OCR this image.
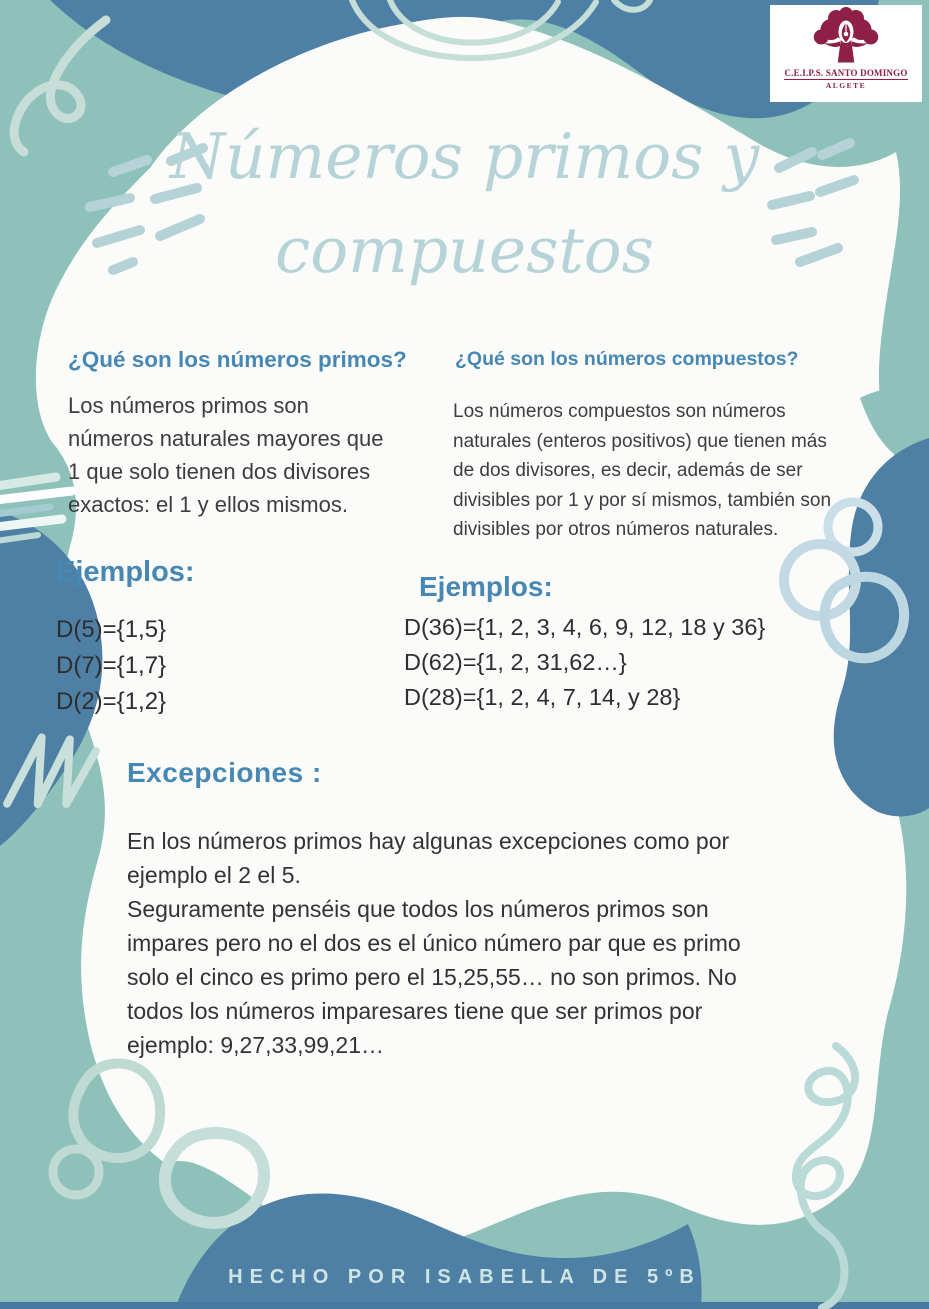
C.E.I.P.S. SANTO DOMINGO
ALGETE
Números primos y
compuestos
¿Qué son los números primos?
Los números primos son
números naturales mayores que
1 que solo tienen dos divisores
exactos: el 1 y ellos mismos.
¿Qué son los números compuestos?
Los números compuestos son números
naturales (enteros positivos) que tienen más
de dos divisores, es decir, además de ser
divisibles por 1 y por sí mismos, también son
divisibles por otros números naturales.
Ejemplos:
D(5)={1,5}
D(7)={1,7}
D(2)={1,2}
Ejemplos:
D(36)={1, 2, 3, 4, 6, 9, 12, 18 y 36}
D(62)={1, 2, 31,62…}
D(28)={1, 2, 4, 7, 14, y 28}
Excepciones :
En los números primos hay algunas excepciones como por
ejemplo el 2 el 5.
Seguramente penséis que todos los números primos son
impares pero no el dos es el único número par que es primo
solo el cinco es primo pero el 15,25,55… no son primos. No
todos los números imparesares tiene que ser primos por
ejemplo: 9,27,33,99,21…
HECHO POR ISABELLA DE 5ºB
